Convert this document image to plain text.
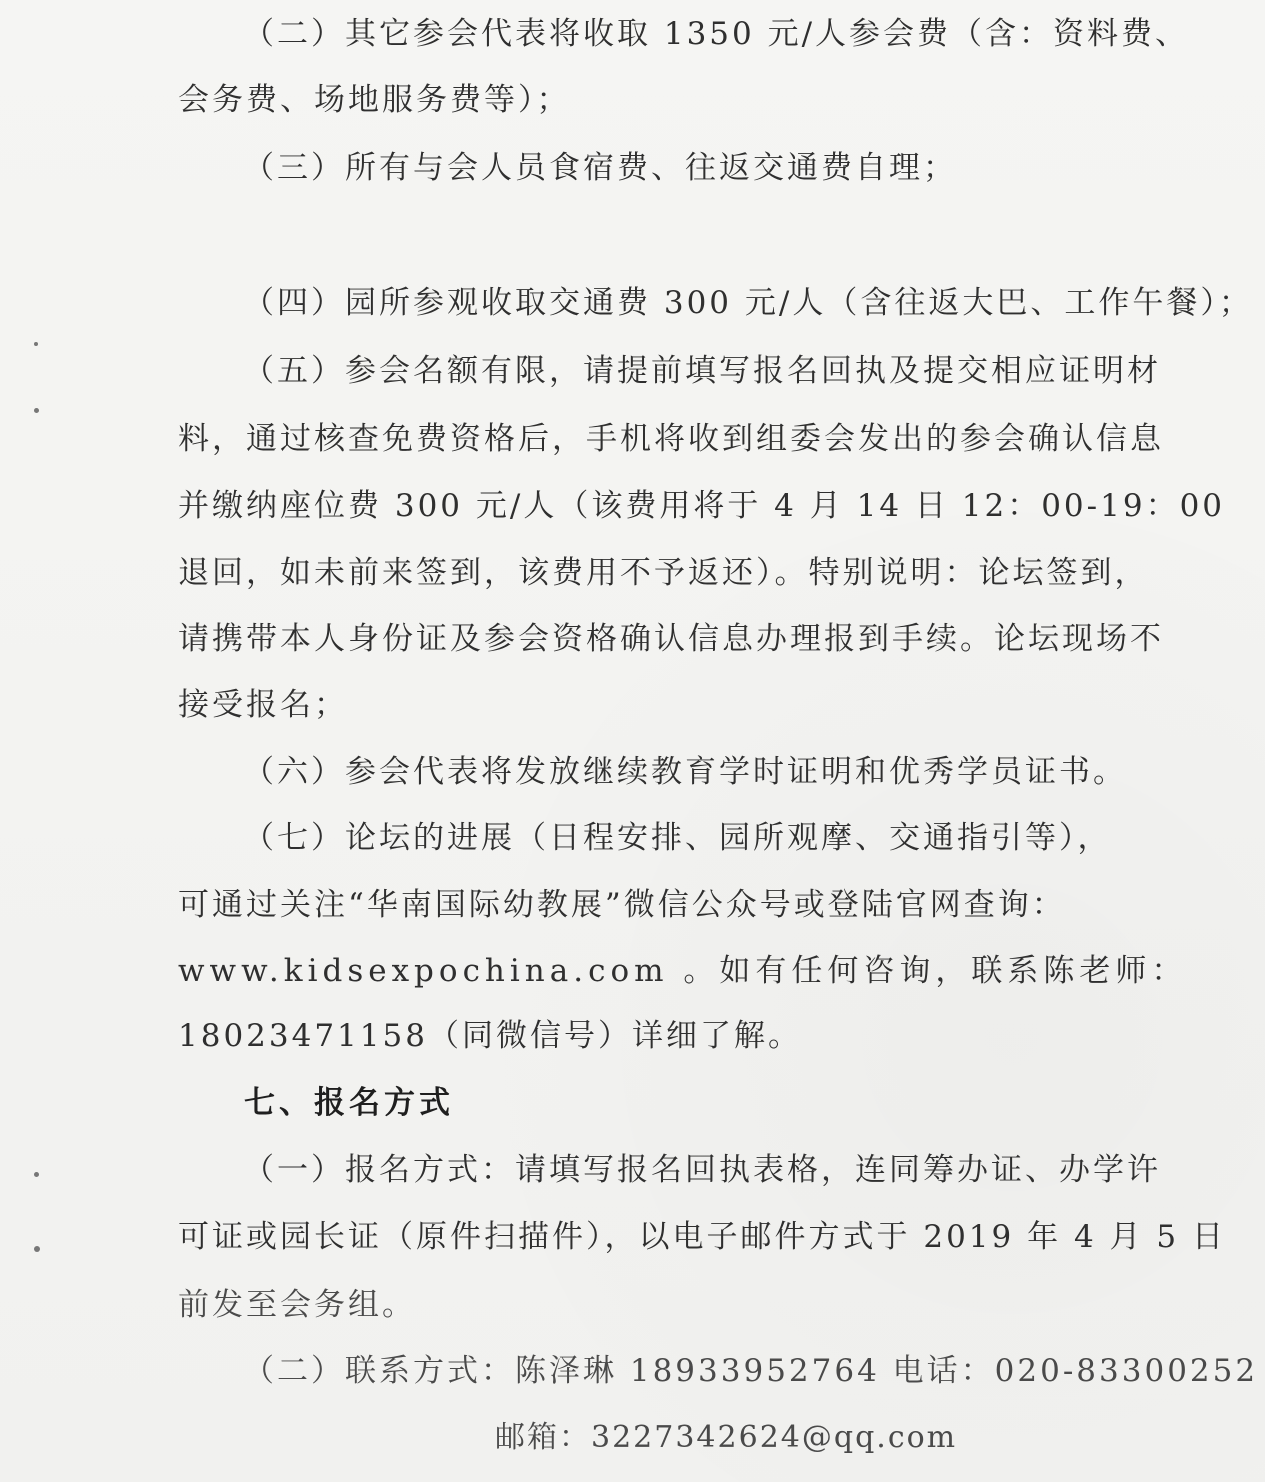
（二）其它参会代表将收取 1350 元/人参会费（含：资料费、
会务费、场地服务费等）；
（三）所有与会人员食宿费、往返交通费自理；
（四）园所参观收取交通费 300 元/人（含往返大巴、工作午餐）；
（五）参会名额有限，请提前填写报名回执及提交相应证明材
料，通过核查免费资格后，手机将收到组委会发出的参会确认信息
并缴纳座位费 300 元/人（该费用将于 4 月 14 日 12：00-19：00
退回，如未前来签到，该费用不予返还）。特别说明：论坛签到，
请携带本人身份证及参会资格确认信息办理报到手续。论坛现场不
接受报名；
（六）参会代表将发放继续教育学时证明和优秀学员证书。
（七）论坛的进展（日程安排、园所观摩、交通指引等），
可通过关注“华南国际幼教展”微信公众号或登陆官网查询：
www.kidsexpochina.com 。如有任何咨询，联系陈老师：
18023471158（同微信号）详细了解。
七、报名方式
（一）报名方式：请填写报名回执表格，连同筹办证、办学许
可证或园长证（原件扫描件），以电子邮件方式于 2019 年 4 月 5 日
前发至会务组。
（二）联系方式：陈泽琳 18933952764 电话：020-83300252
邮箱：3227342624@qq.com
